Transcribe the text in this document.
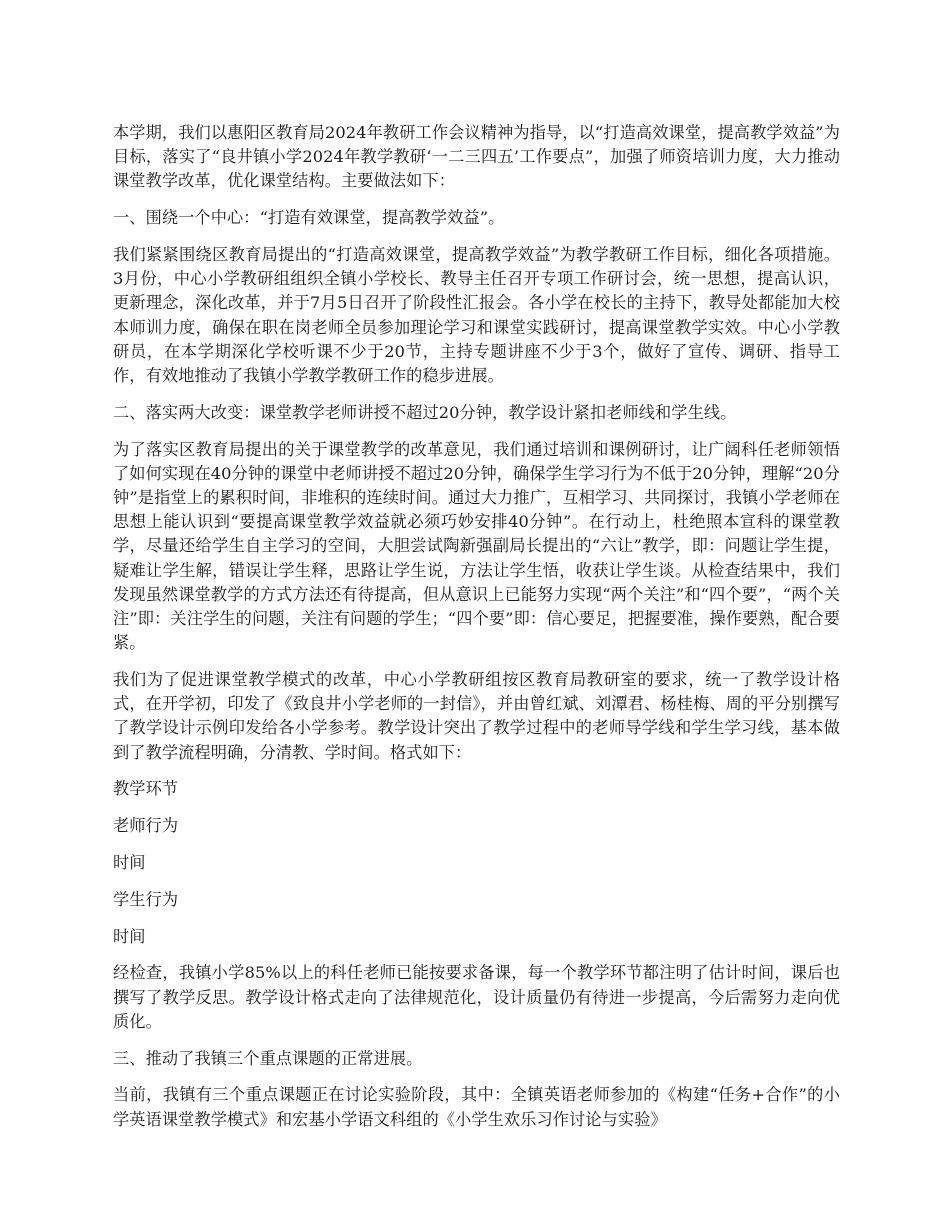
本学期，我们以惠阳区教育局2024年教研工作会议精神为指导，以“打造高效课堂，提高教学效益”为目标，落实了“良井镇小学2024年教学教研‘一二三四五’工作要点”，加强了师资培训力度，大力推动课堂教学改革，优化课堂结构。主要做法如下：

一、围绕一个中心：“打造有效课堂，提高教学效益”。

我们紧紧围绕区教育局提出的“打造高效课堂，提高教学效益”为教学教研工作目标，细化各项措施。 3月份，中心小学教研组组织全镇小学校长、教导主任召开专项工作研讨会，统一思想，提高认识，更新理念，深化改革，并于7月5日召开了阶段性汇报会。各小学在校长的主持下，教导处都能加大校本师训力度，确保在职在岗老师全员参加理论学习和课堂实践研讨，提高课堂教学实效。中心小学教研员，在本学期深化学校听课不少于20节，主持专题讲座不少于3个，做好了宣传、调研、指导工作，有效地推动了我镇小学教学教研工作的稳步进展。

二、落实两大改变：课堂教学老师讲授不超过20分钟，教学设计紧扣老师线和学生线。

为了落实区教育局提出的关于课堂教学的改革意见，我们通过培训和课例研讨，让广阔科任老师领悟了如何实现在40分钟的课堂中老师讲授不超过20分钟，确保学生学习行为不低于20分钟，理解“20分钟”是指堂上的累积时间，非堆积的连续时间。通过大力推广，互相学习、共同探讨，我镇小学老师在思想上能认识到“要提高课堂教学效益就必须巧妙安排40分钟”。在行动上，杜绝照本宣科的课堂教学，尽量还给学生自主学习的空间，大胆尝试陶新强副局长提出的“六让”教学，即：问题让学生提，疑难让学生解，错误让学生释，思路让学生说，方法让学生悟，收获让学生谈。从检查结果中，我们发现虽然课堂教学的方式方法还有待提高，但从意识上已能努力实现“两个关注”和“四个要”，“两个关注”即：关注学生的问题，关注有问题的学生；“四个要”即：信心要足，把握要准，操作要熟，配合要紧。

我们为了促进课堂教学模式的改革，中心小学教研组按区教育局教研室的要求，统一了教学设计格式，在开学初，印发了《致良井小学老师的一封信》，并由曾红斌、刘潭君、杨桂梅、周的平分别撰写了教学设计示例印发给各小学参考。教学设计突出了教学过程中的老师导学线和学生学习线，基本做到了教学流程明确，分清教、学时间。格式如下：

教学环节

老师行为

时间

学生行为

时间

经检查，我镇小学85%以上的科任老师已能按要求备课，每一个教学环节都注明了估计时间，课后也撰写了教学反思。教学设计格式走向了法律规范化，设计质量仍有待进一步提高，今后需努力走向优质化。

三、推动了我镇三个重点课题的正常进展。

当前，我镇有三个重点课题正在讨论实验阶段，其中：全镇英语老师参加的《构建“任务+合作”的小学英语课堂教学模式》和宏基小学语文科组的《小学生欢乐习作讨论与实验》
